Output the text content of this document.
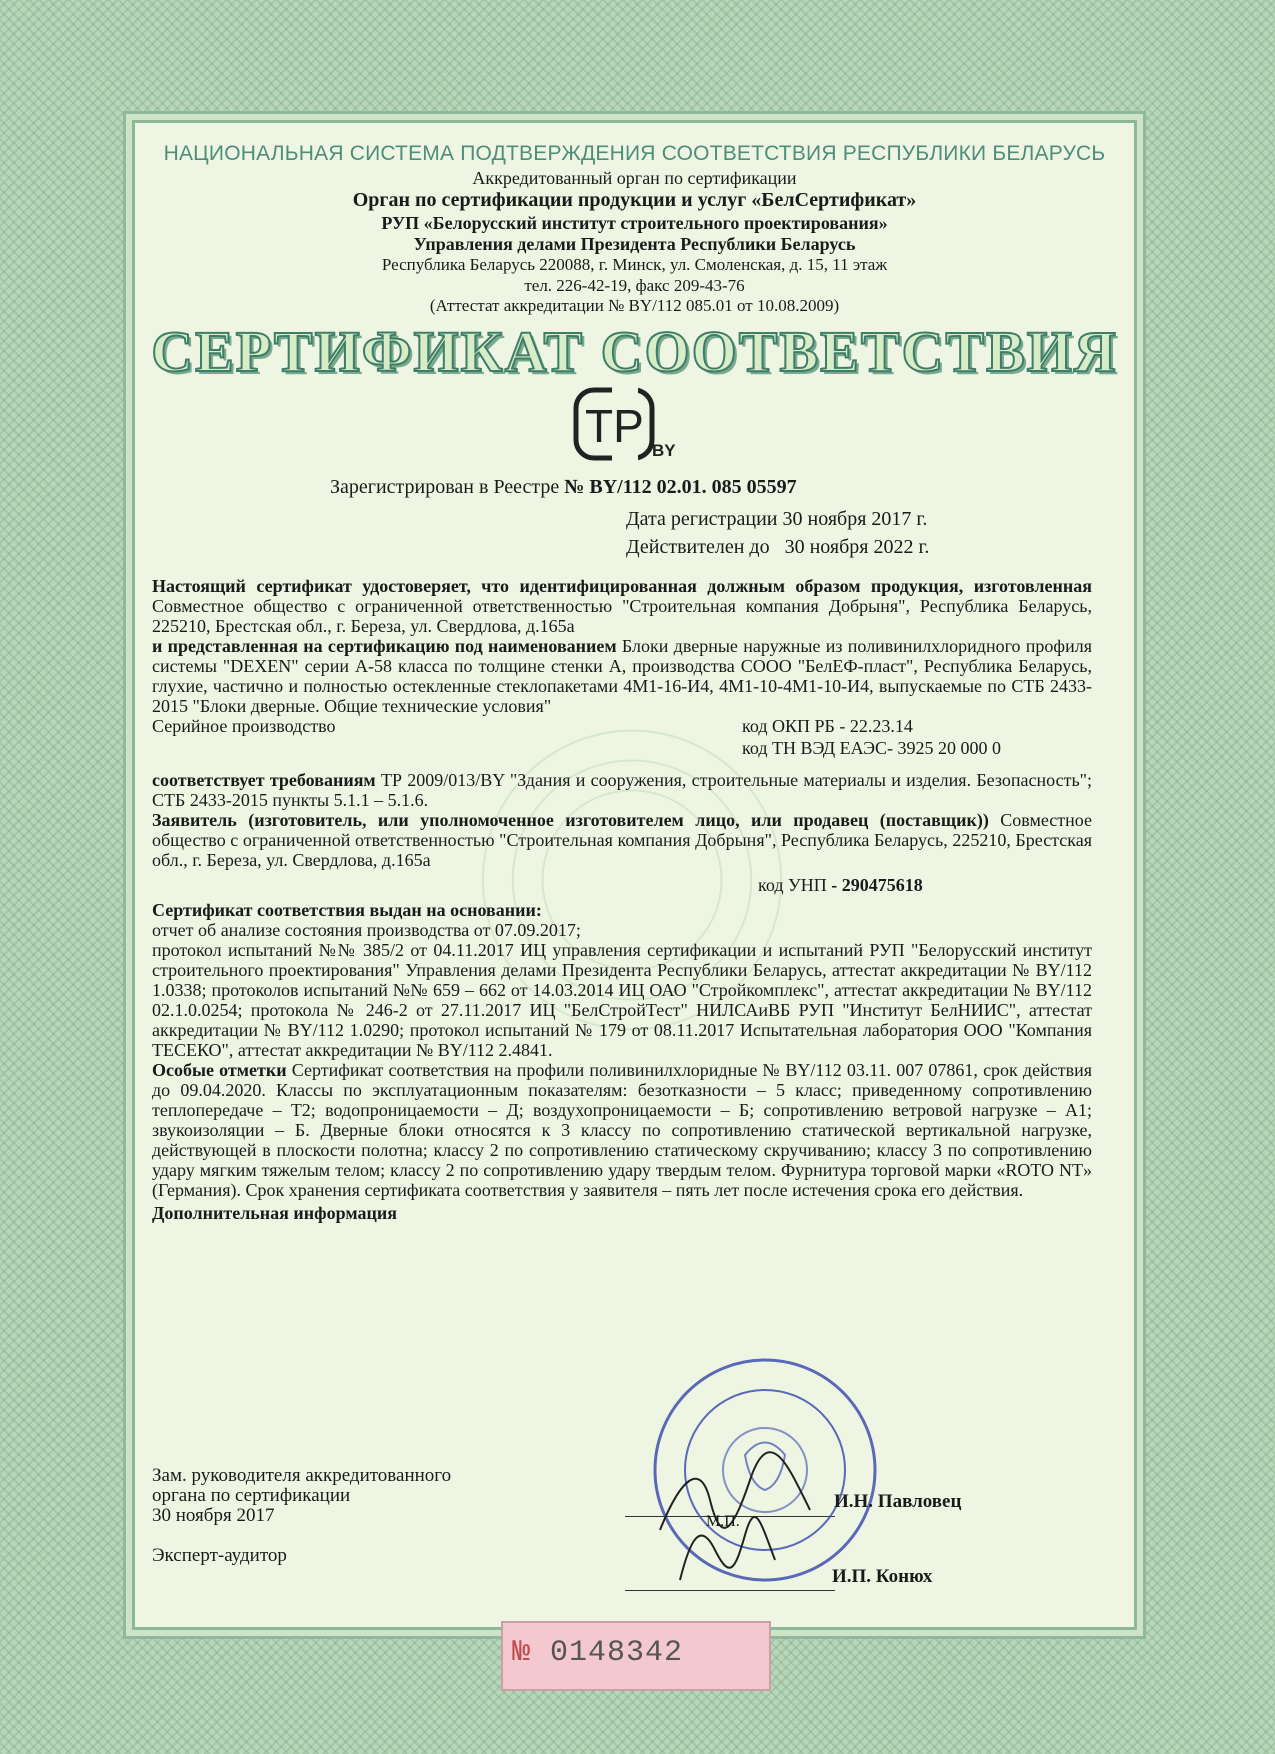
НАЦИОНАЛЬНАЯ СИСТЕМА ПОДТВЕРЖДЕНИЯ СООТВЕТСТВИЯ РЕСПУБЛИКИ БЕЛАРУСЬ
Аккредитованный орган по сертификации
Орган по сертификации продукции и услуг «БелСертификат»
РУП «Белорусский институт строительного проектирования»
Управления делами Президента Республики Беларусь
Республика Беларусь 220088, г. Минск, ул. Смоленская, д. 15, 11 этаж
тел. 226-42-19, факс 209-43-76
(Аттестат аккредитации № BY/112 085.01 от 10.08.2009)
СЕРТИФИКАТ СООТВЕТСТВИЯ
TP BY
Зарегистрирован в Реестре № BY/112 02.01. 085 05597
Дата регистрации 30 ноября 2017 г.
Действителен до   30 ноября 2022 г.

Настоящий сертификат удостоверяет, что идентифицированная должным образом продукция, изготовленная Совместное общество с ограниченной ответственностью "Строительная компания Добрыня", Республика Беларусь, 225210, Брестская обл., г. Береза, ул. Свердлова, д.165а

и представленная на сертификацию под наименованием Блоки дверные наружные из поливинилхлоридного профиля системы "DEXEN" серии А-58 класса по толщине стенки А, производства СООО "БелЕФ-пласт", Республика Беларусь, глухие, частично и полностью остекленные стеклопакетами 4М1-16-И4, 4М1-10-4М1-10-И4, выпускаемые по СТБ 2433-2015 "Блоки дверные. Общие технические условия"

Серийное производство	код ОКП РБ - 22.23.14
код ТН ВЭД ЕАЭС- 3925 20 000 0

соответствует требованиям ТР 2009/013/BY "Здания и сооружения, строительные материалы и изделия. Безопасность"; СТБ 2433-2015 пункты 5.1.1 – 5.1.6.

Заявитель (изготовитель, или уполномоченное изготовителем лицо, или продавец (поставщик)) Совместное общество с ограниченной ответственностью "Строительная компания Добрыня", Республика Беларусь, 225210, Брестская обл., г. Береза, ул. Свердлова, д.165а

код УНП - 290475618

Сертификат соответствия выдан на основании:

отчет об анализе состояния производства от 07.09.2017;

протокол испытаний №№ 385/2 от 04.11.2017 ИЦ управления сертификации и испытаний РУП "Белорусский институт строительного проектирования" Управления делами Президента Республики Беларусь, аттестат аккредитации № BY/112 1.0338; протоколов испытаний №№ 659 – 662 от 14.03.2014 ИЦ ОАО "Стройкомплекс", аттестат аккредитации № BY/112 02.1.0.0254; протокола № 246-2 от 27.11.2017 ИЦ "БелСтройТест" НИЛСАиВБ РУП "Институт БелНИИС", аттестат аккредитации № BY/112 1.0290; протокол испытаний № 179 от 08.11.2017 Испытательная лаборатория ООО "Компания ТЕСЕКО", аттестат аккредитации № BY/112 2.4841.

Особые отметки Сертификат соответствия на профили поливинилхлоридные № BY/112 03.11. 007 07861, срок действия до 09.04.2020. Классы по эксплуатационным показателям: безотказности – 5 класс; приведенному сопротивлению теплопередаче – Т2; водопроницаемости – Д; воздухопроницаемости – Б; сопротивлению ветровой нагрузке – А1; звукоизоляции – Б. Дверные блоки относятся к 3 классу по сопротивлению статической вертикальной нагрузке, действующей в плоскости полотна; классу 2 по сопротивлению статическому скручиванию; классу 3 по сопротивлению удару мягким тяжелым телом; классу 2 по сопротивлению удару твердым телом. Фурнитура торговой марки «ROTO NT» (Германия). Срок хранения сертификата соответствия у заявителя – пять лет после истечения срока его действия.

Дополнительная информация

Зам. руководителя аккредитованного
органа по сертификации
30 ноября 2017
Эксперт-аудитор
М.П.
И.Н. Павловец
И.П. Конюх
№ 0148342
